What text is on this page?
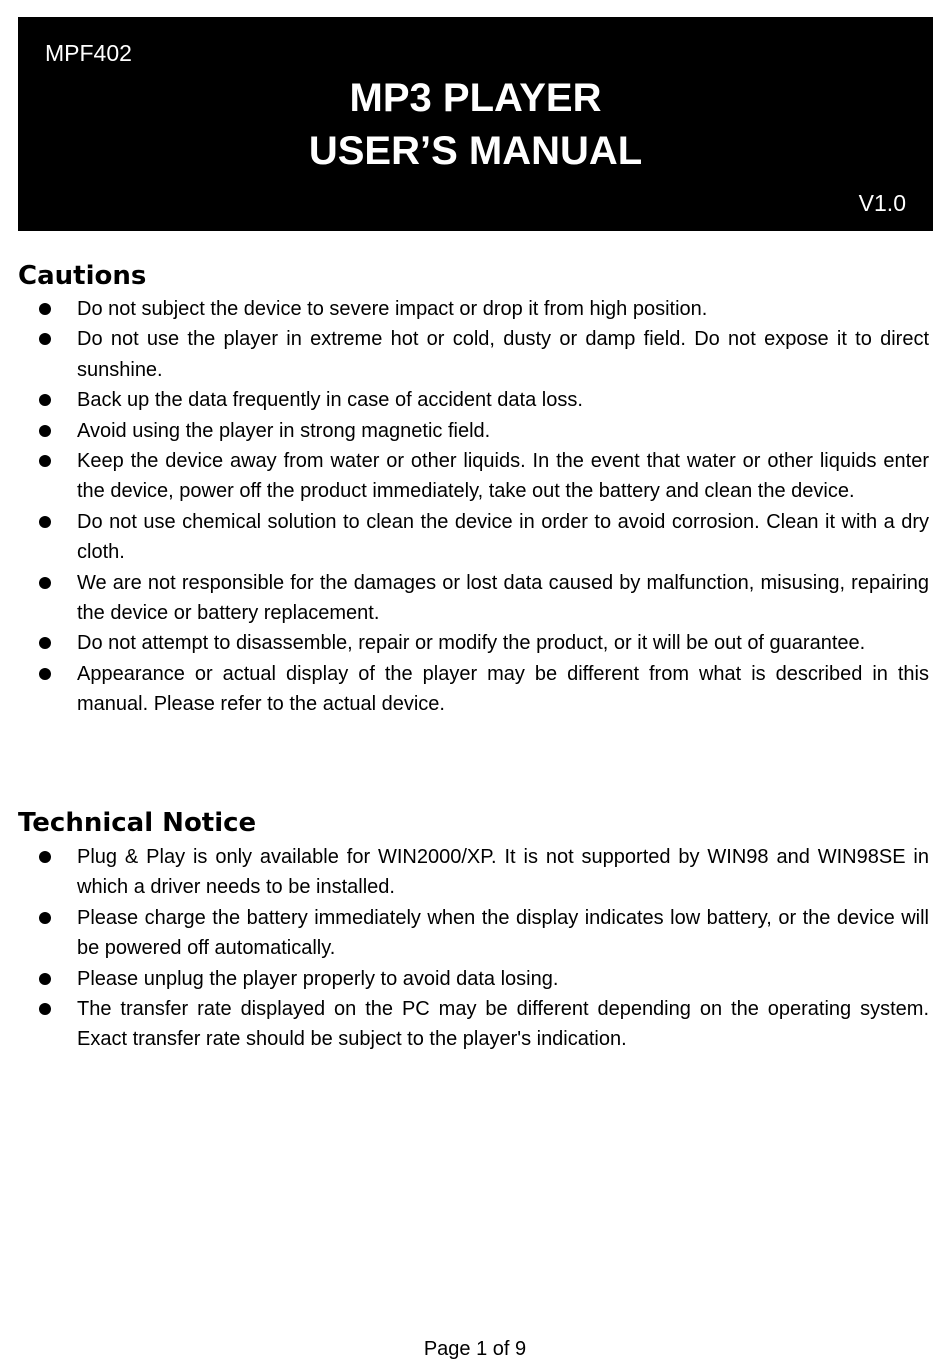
MPF402
MP3 PLAYER
USER’S MANUAL
V1.0
Cautions
Do not subject the device to severe impact or drop it from high position.
Do not use the player in extreme hot or cold, dusty or damp field. Do not expose it to direct sunshine.
Back up the data frequently in case of accident data loss.
Avoid using the player in strong magnetic field.
Keep the device away from water or other liquids. In the event that water or other liquids enter the device, power off the product immediately, take out the battery and clean the device.
Do not use chemical solution to clean the device in order to avoid corrosion. Clean it with a dry cloth.
We are not responsible for the damages or lost data caused by malfunction, misusing, repairing the device or battery replacement.
Do not attempt to disassemble, repair or modify the product, or it will be out of guarantee.
Appearance or actual display of the player may be different from what is described in this manual. Please refer to the actual device.
Technical Notice
Plug & Play is only available for WIN2000/XP. It is not supported by WIN98 and WIN98SE in which a driver needs to be installed.
Please charge the battery immediately when the display indicates low battery, or the device will be powered off automatically.
Please unplug the player properly to avoid data losing.
The transfer rate displayed on the PC may be different depending on the operating system. Exact transfer rate should be subject to the player's indication.
Page 1 of 9
